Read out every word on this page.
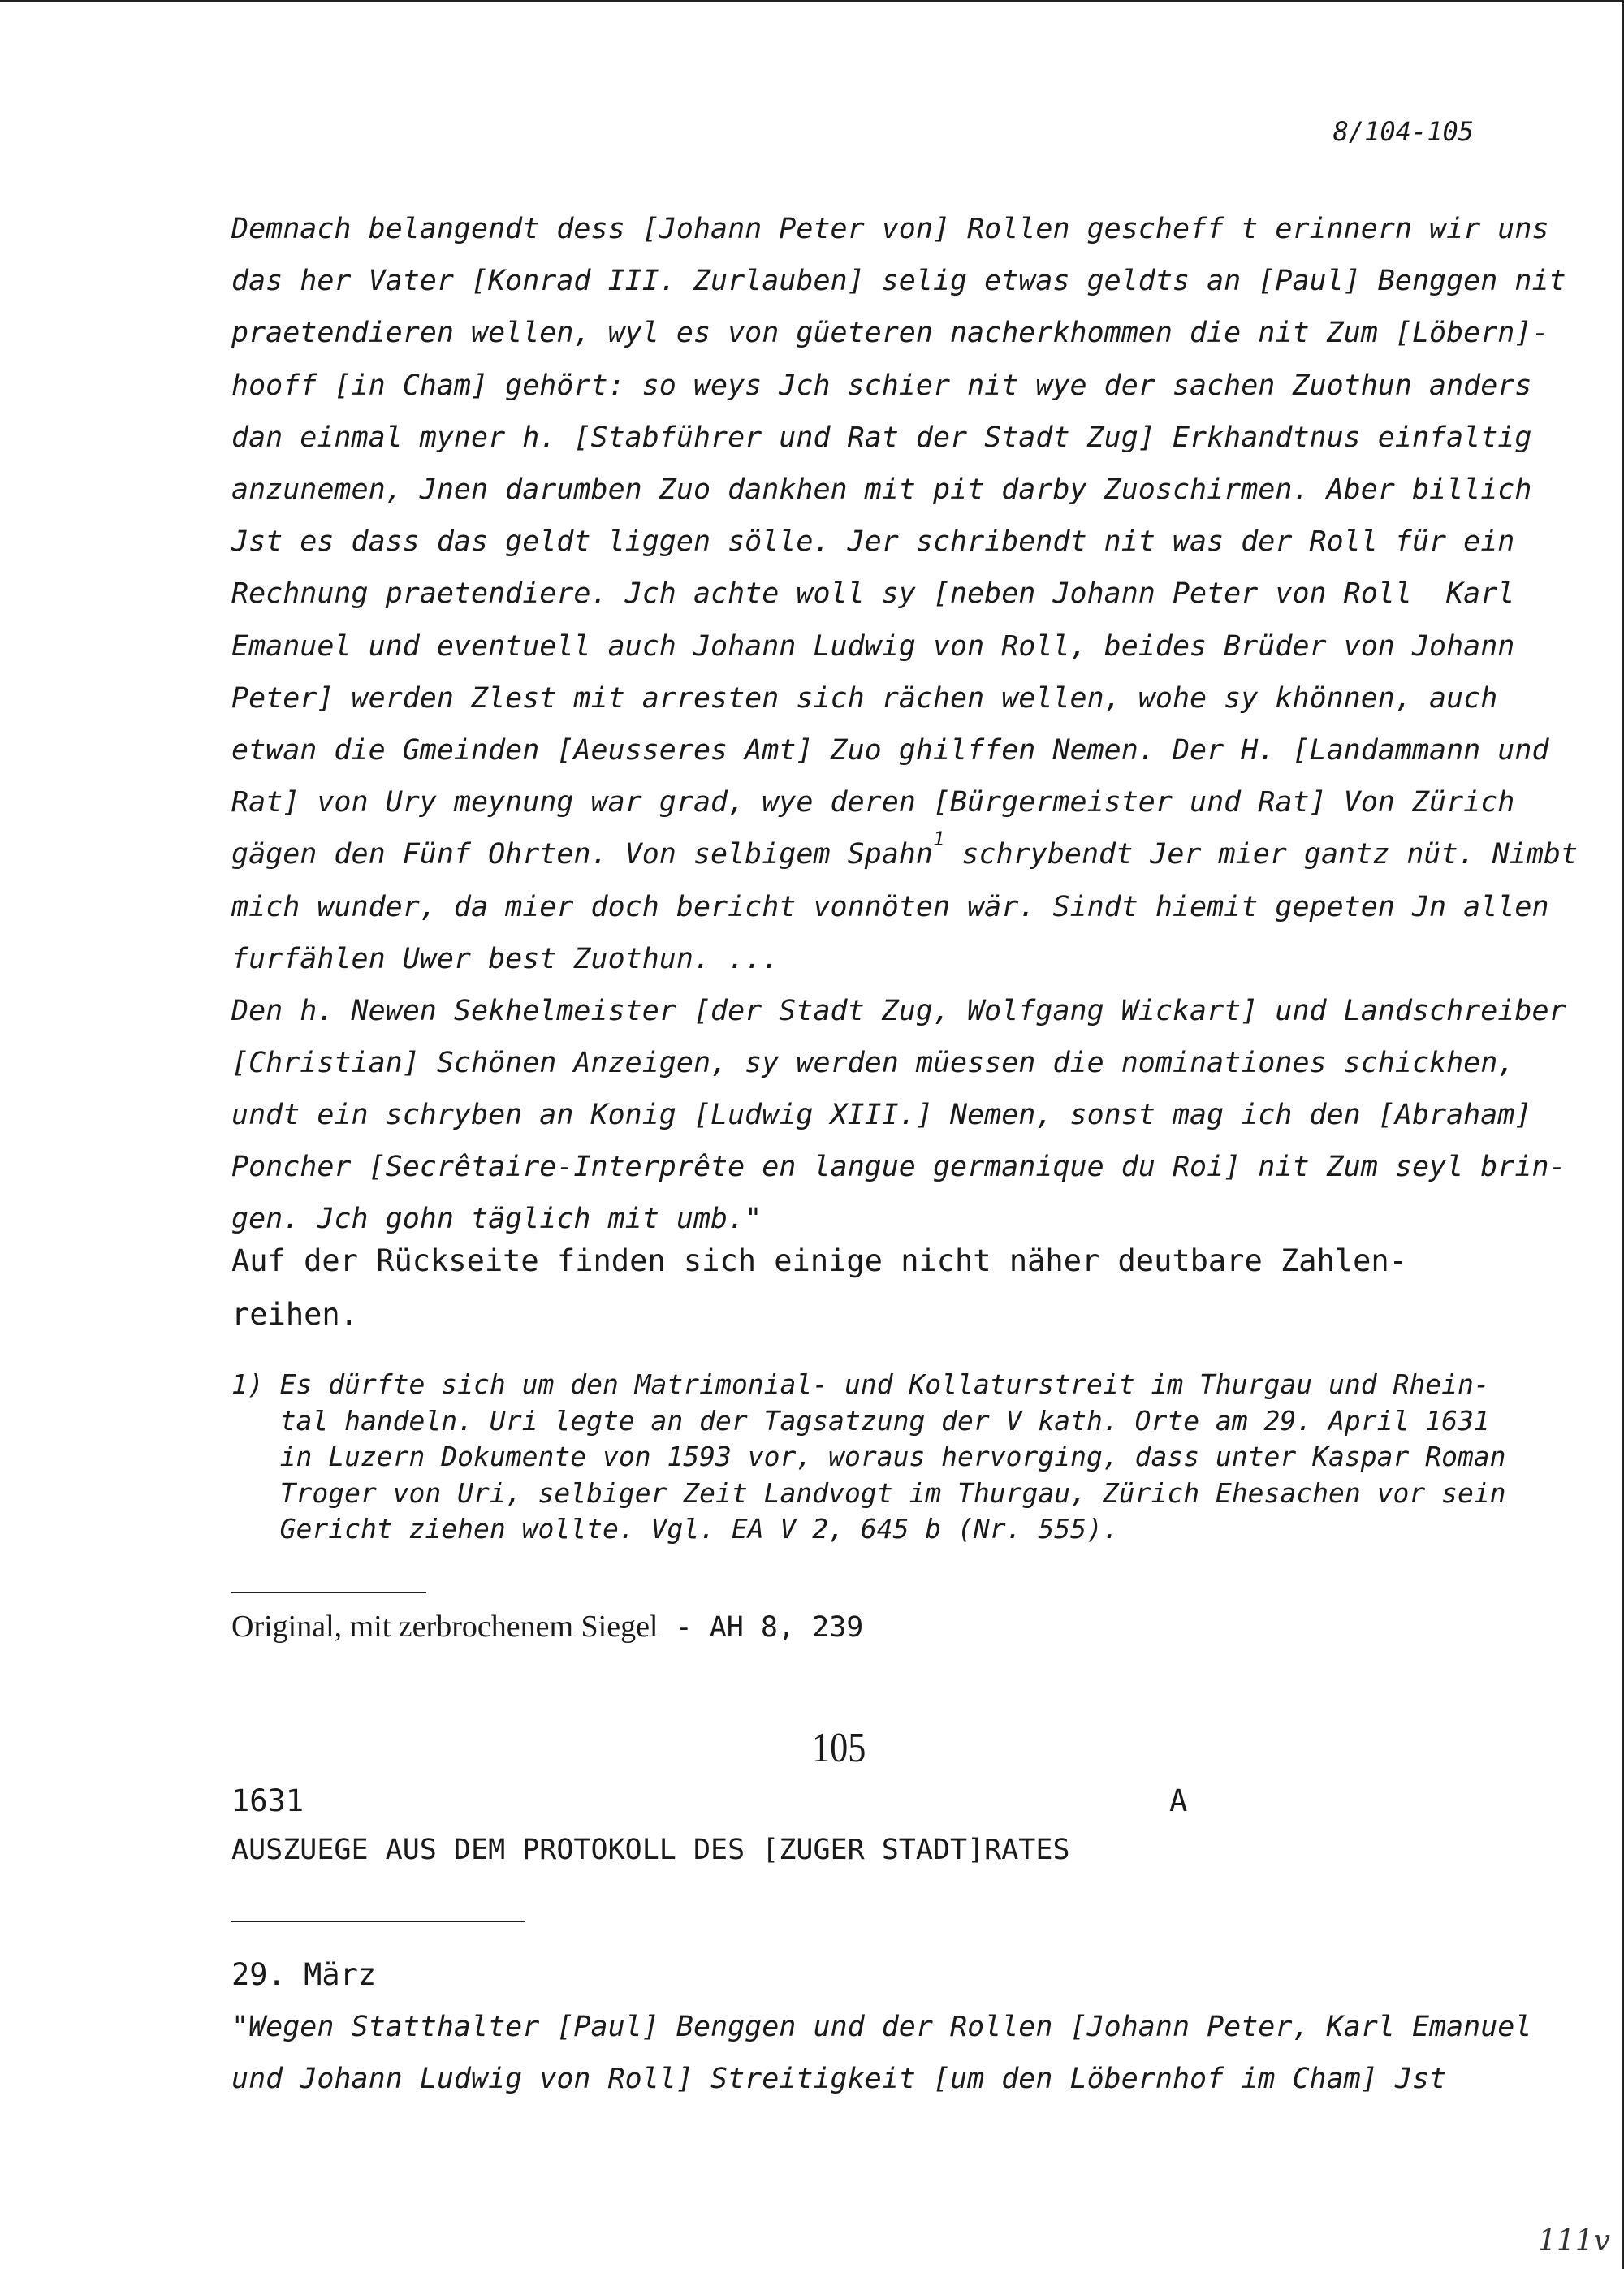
8/104-105

Demnach belangendt dess [Johann Peter von] Rollen gescheff t erinnern wir uns

das her Vater [Konrad III. Zurlauben] selig etwas geldts an [Paul] Benggen nit

praetendieren wellen, wyl es von güeteren nacherkhommen die nit Zum [Löbern]-

hooff [in Cham] gehört: so weys Jch schier nit wye der sachen Zuothun anders

dan einmal myner h. [Stabführer und Rat der Stadt Zug] Erkhandtnus einfaltig

anzunemen, Jnen darumben Zuo dankhen mit pit darby Zuoschirmen. Aber billich

Jst es dass das geldt liggen sölle. Jer schribendt nit was der Roll für ein

Rechnung praetendiere. Jch achte woll sy [neben Johann Peter von Roll  Karl

Emanuel und eventuell auch Johann Ludwig von Roll, beides Brüder von Johann

Peter] werden Zlest mit arresten sich rächen wellen, wohe sy khönnen, auch

etwan die Gmeinden [Aeusseres Amt] Zuo ghilffen Nemen. Der H. [Landammann und

Rat] von Ury meynung war grad, wye deren [Bürgermeister und Rat] Von Zürich

gägen den Fünf Ohrten. Von selbigem Spahn$^1$ schrybendt Jer mier gantz nüt. Nimbt

mich wunder, da mier doch bericht vonnöten wär. Sindt hiemit gepeten Jn allen

furfählen Uwer best Zuothun. ...

Den h. Newen Sekhelmeister [der Stadt Zug, Wolfgang Wickart] und Landschreiber

[Christian] Schönen Anzeigen, sy werden müessen die nominationes schickhen,

undt ein schryben an Konig [Ludwig XIII.] Nemen, sonst mag ich den [Abraham]

Poncher [Secrêtaire-Interprête en langue germanique du Roi] nit Zum seyl brin-

gen. Jch gohn täglich mit umb."

Auf der Rückseite finden sich einige nicht näher deutbare Zahlen-
reihen.

1) Es dürfte sich um den Matrimonial- und Kollaturstreit im Thurgau und Rhein-

tal handeln. Uri legte an der Tagsatzung der V kath. Orte am 29. April 1631

in Luzern Dokumente von 1593 vor, woraus hervorging, dass unter Kaspar Roman

Troger von Uri, selbiger Zeit Landvogt im Thurgau, Zürich Ehesachen vor sein

Gericht ziehen wollte. Vgl. EA V 2, 645 b (Nr. 555).

Original, mit zerbrochenem Siegel - AH 8, 239
105
1631	A
AUSZUEGE AUS DEM PROTOKOLL DES [ZUGER STADT]RATES
29. März

"Wegen Statthalter [Paul] Benggen und der Rollen [Johann Peter, Karl Emanuel

und Johann Ludwig von Roll] Streitigkeit [um den Löbernhof im Cham] Jst

111v
